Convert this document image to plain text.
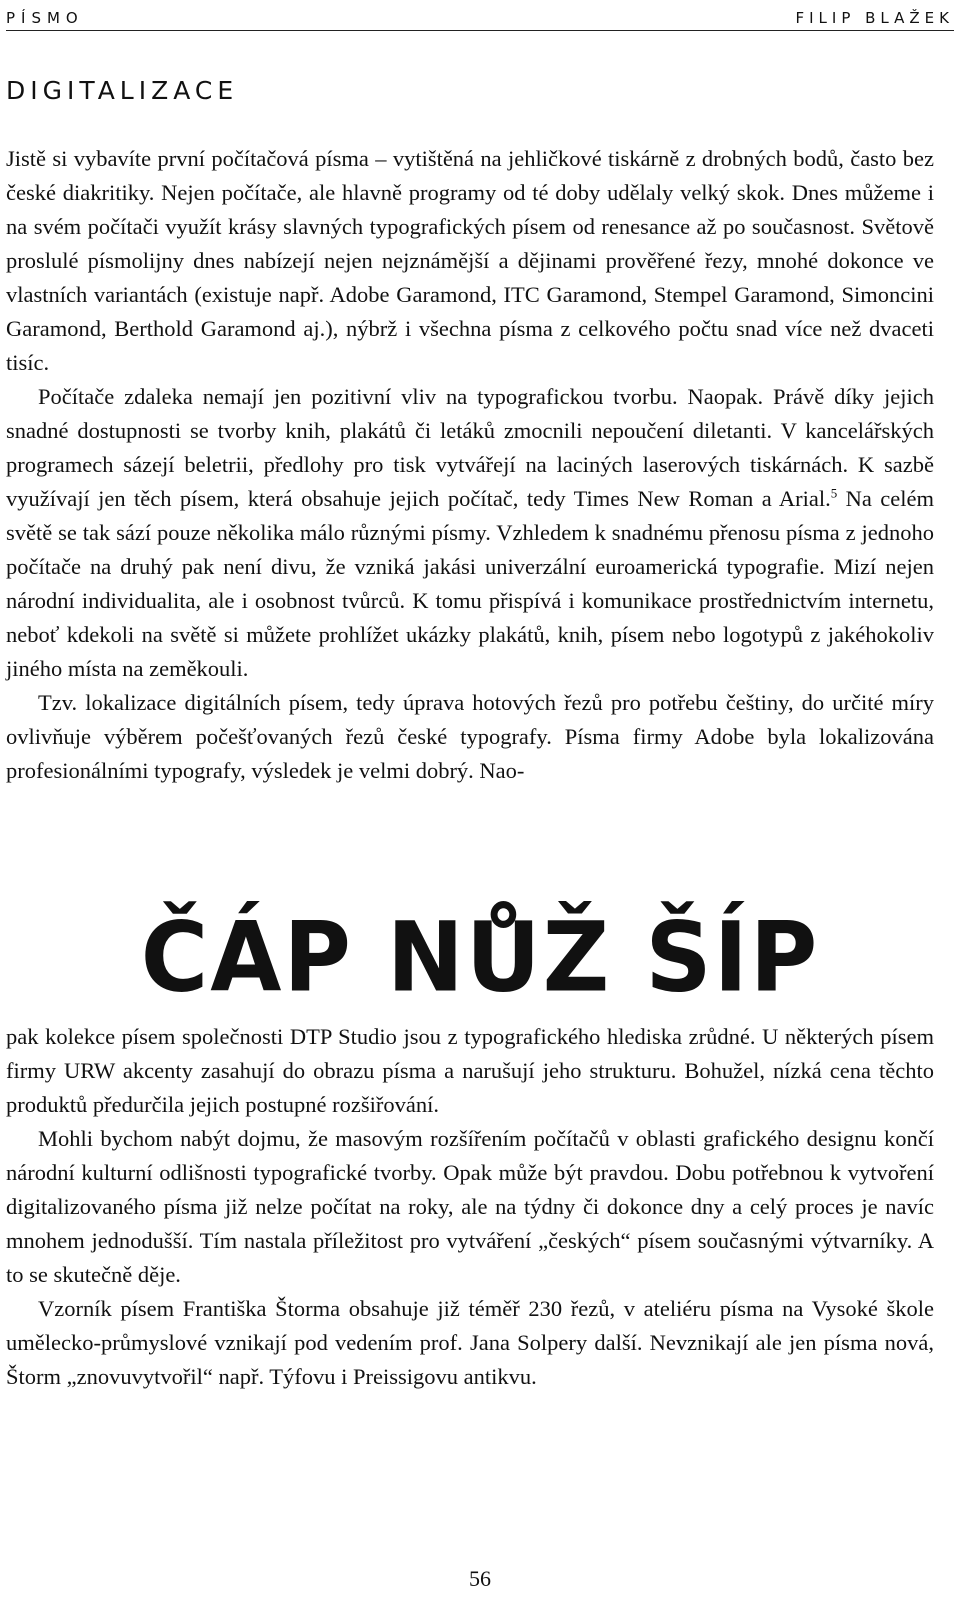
PÍSMO	FILIP BLAŽEK
DIGITALIZACE

Jistě si vybavíte první počítačová písma – vytištěná na jehličkové tiskárně z drobných bodů, často bez české diakritiky. Nejen počítače, ale hlavně programy od té doby udělaly velký skok. Dnes můžeme i na svém počítači využít krásy slavných typografických písem od renesance až po současnost. Světově proslulé písmolijny dnes nabízejí nejen nejznámější a dějinami prověřené řezy, mnohé dokonce ve vlastních variantách (existuje např. Adobe Garamond, ITC Garamond, Stempel Garamond, Simoncini Garamond, Berthold Garamond aj.), nýbrž i všechna písma z celkového počtu snad více než dvaceti tisíc.

Počítače zdaleka nemají jen pozitivní vliv na typografickou tvorbu. Naopak. Právě díky jejich snadné dostupnosti se tvorby knih, plakátů či letáků zmocnili nepoučení diletanti. V kancelářských programech sázejí beletrii, předlohy pro tisk vytvářejí na laciných laserových tiskárnách. K sazbě využívají jen těch písem, která obsahuje jejich počítač, tedy Times New Roman a Arial.$^5$ Na celém světě se tak sází pouze několika málo různými písmy. Vzhledem k snadnému přenosu písma z jednoho počítače na druhý pak není divu, že vzniká jakási univerzální euroamerická typografie. Mizí nejen národní individualita, ale i osobnost tvůrců. K tomu přispívá i komunikace prostřednictvím internetu, neboť kdekoli na světě si můžete prohlížet ukázky plakátů, knih, písem nebo logotypů z jakéhokoliv jiného místa na zeměkouli.

Tzv. lokalizace digitálních písem, tedy úprava hotových řezů pro potřebu češtiny, do určité míry ovlivňuje výběrem počešťovaných řezů české typografy. Písma firmy Adobe byla lokalizována profesionálními typografy, výsledek je velmi dobrý. Nao-

ČÁP NŮŽ ŠÍP

pak kolekce písem společnosti DTP Studio jsou z typografického hlediska zrůdné. U některých písem firmy URW akcenty zasahují do obrazu písma a narušují jeho strukturu. Bohužel, nízká cena těchto produktů předurčila jejich postupné rozšiřování.

Mohli bychom nabýt dojmu, že masovým rozšířením počítačů v oblasti grafického designu končí národní kulturní odlišnosti typografické tvorby. Opak může být pravdou. Dobu potřebnou k vytvoření digitalizovaného písma již nelze počítat na roky, ale na týdny či dokonce dny a celý proces je navíc mnohem jednodušší. Tím nastala příležitost pro vytváření „českých“ písem současnými výtvarníky. A to se skutečně děje.

Vzorník písem Františka Štorma obsahuje již téměř 230 řezů, v ateliéru písma na Vysoké škole umělecko-průmyslové vznikají pod vedením prof. Jana Solpery další. Nevznikají ale jen písma nová, Štorm „znovuvytvořil“ např. Týfovu i Preissigovu antikvu.

56
